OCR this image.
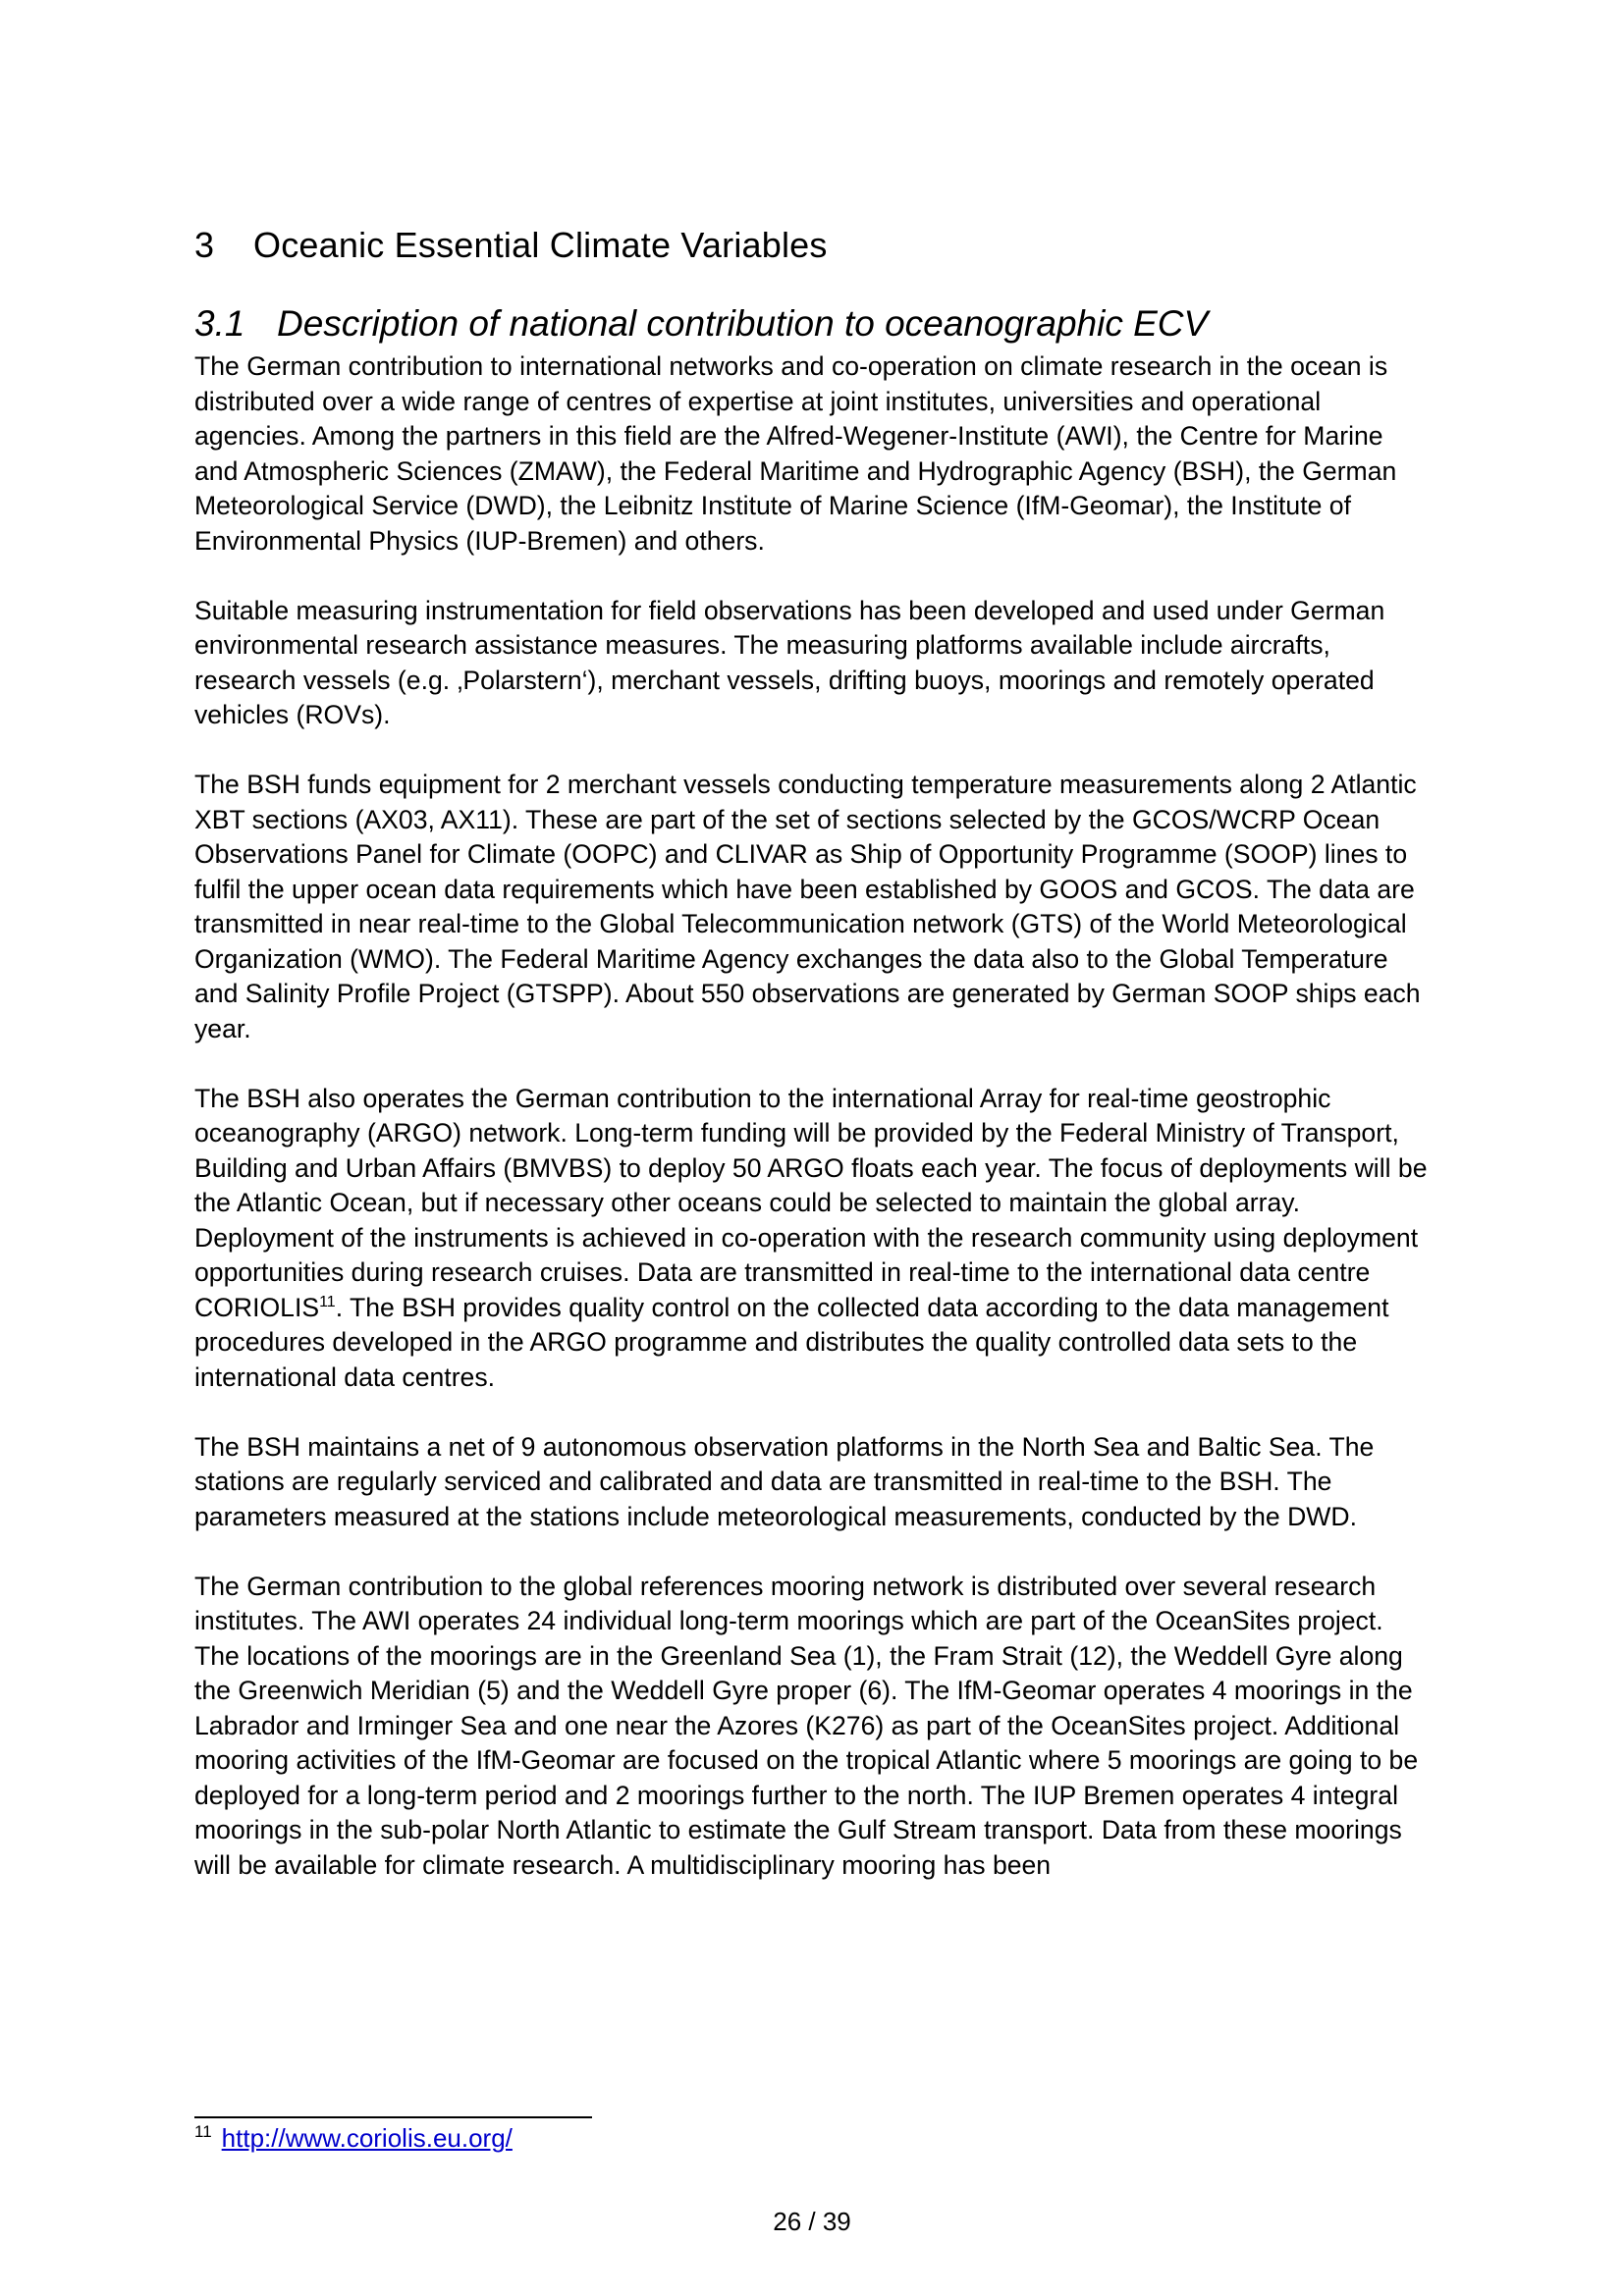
3 Oceanic Essential Climate Variables
3.1 Description of national contribution to oceanographic ECV

The German contribution to international networks and co-operation on climate research in the ocean is distributed over a wide range of centres of expertise at joint institutes, universities and operational agencies. Among the partners in this field are the Alfred-Wegener-Institute (AWI), the Centre for Marine and Atmospheric Sciences (ZMAW), the Federal Maritime and Hydrographic Agency (BSH), the German Meteorological Service (DWD), the Leibnitz Institute of Marine Science (IfM-Geomar), the Institute of Environmental Physics (IUP-Bremen) and others.

Suitable measuring instrumentation for field observations has been developed and used under German environmental research assistance measures. The measuring platforms available include aircrafts, research vessels (e.g. ‚Polarstern‘), merchant vessels, drifting buoys, moorings and remotely operated vehicles (ROVs).

The BSH funds equipment for 2 merchant vessels conducting temperature measurements along 2 Atlantic XBT sections (AX03, AX11). These are part of the set of sections selected by the GCOS/WCRP Ocean Observations Panel for Climate (OOPC) and CLIVAR as Ship of Opportunity Programme (SOOP) lines to fulfil the upper ocean data requirements which have been established by GOOS and GCOS. The data are transmitted in near real-time to the Global Telecommunication network (GTS) of the World Meteorological Organization (WMO). The Federal Maritime Agency exchanges the data also to the Global Temperature and Salinity Profile Project (GTSPP). About 550 observations are generated by German SOOP ships each year.

The BSH also operates the German contribution to the international Array for real-time geostrophic oceanography (ARGO) network. Long-term funding will be provided by the Federal Ministry of Transport, Building and Urban Affairs (BMVBS) to deploy 50 ARGO floats each year. The focus of deployments will be the Atlantic Ocean, but if necessary other oceans could be selected to maintain the global array. Deployment of the instruments is achieved in co-operation with the research community using deployment opportunities during research cruises. Data are transmitted in real-time to the international data centre CORIOLIS$^{11}$. The BSH provides quality control on the collected data according to the data management procedures developed in the ARGO programme and distributes the quality controlled data sets to the international data centres.

The BSH maintains a net of 9 autonomous observation platforms in the North Sea and Baltic Sea. The stations are regularly serviced and calibrated and data are transmitted in real-time to the BSH. The parameters measured at the stations include meteorological measurements, conducted by the DWD.

The German contribution to the global references mooring network is distributed over several research institutes. The AWI operates 24 individual long-term moorings which are part of the OceanSites project. The locations of the moorings are in the Greenland Sea (1), the Fram Strait (12), the Weddell Gyre along the Greenwich Meridian (5) and the Weddell Gyre proper (6). The IfM-Geomar operates 4 moorings in the Labrador and Irminger Sea and one near the Azores (K276) as part of the OceanSites project. Additional mooring activities of the IfM-Geomar are focused on the tropical Atlantic where 5 moorings are going to be deployed for a long-term period and 2 moorings further to the north. The IUP Bremen operates 4 integral moorings in the sub-polar North Atlantic to estimate the Gulf Stream transport. Data from these moorings will be available for climate research. A multidisciplinary mooring has been

$^{11}$ http://www.coriolis.eu.org/
26 / 39
